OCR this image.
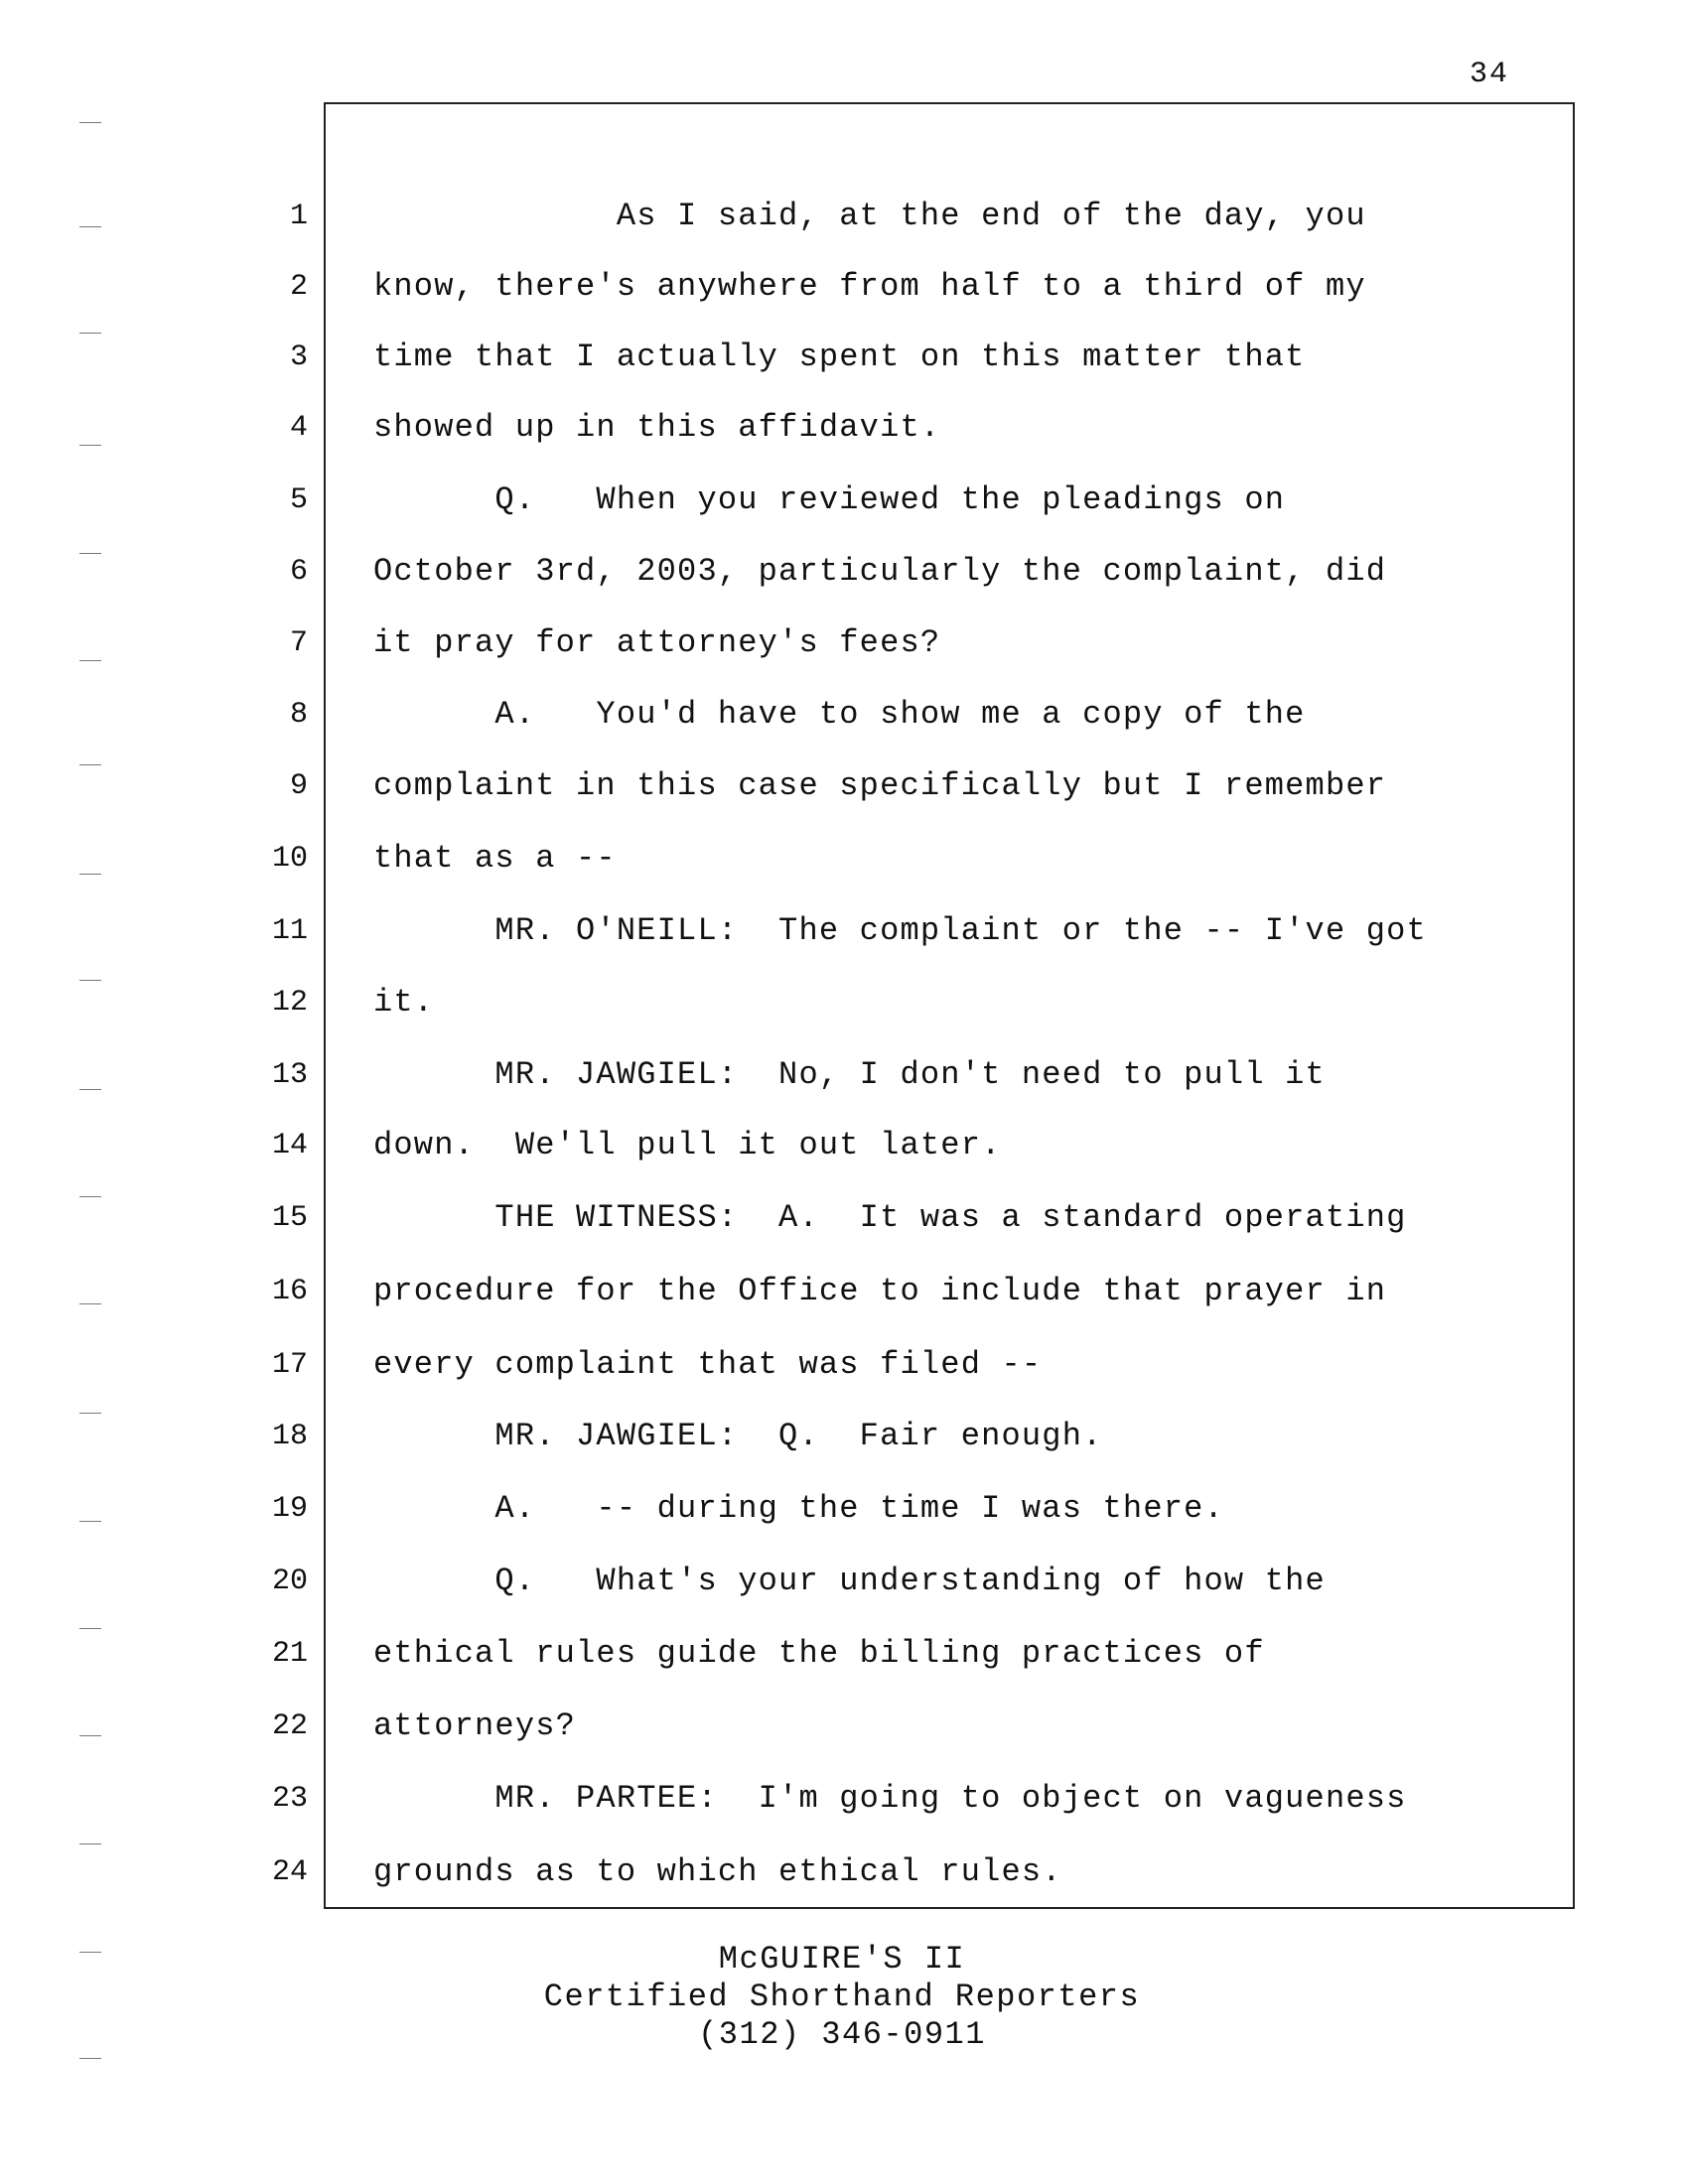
34
1
2
3
4
5
6
7
8
9
10
11
12
13
14
15
16
17
18
19
20
21
22
23
24
As I said, at the end of the day, you
know, there's anywhere from half to a third of my
time that I actually spent on this matter that
showed up in this affidavit.
Q.   When you reviewed the pleadings on
October 3rd, 2003, particularly the complaint, did
it pray for attorney's fees?
A.   You'd have to show me a copy of the
complaint in this case specifically but I remember
that as a --
MR. O'NEILL:  The complaint or the -- I've got
it.
MR. JAWGIEL:  No, I don't need to pull it
down.  We'll pull it out later.
THE WITNESS:  A.  It was a standard operating
procedure for the Office to include that prayer in
every complaint that was filed --
MR. JAWGIEL:  Q.  Fair enough.
A.   -- during the time I was there.
Q.   What's your understanding of how the
ethical rules guide the billing practices of
attorneys?
MR. PARTEE:  I'm going to object on vagueness
grounds as to which ethical rules.
McGUIRE'S II
Certified Shorthand Reporters
(312) 346-0911
